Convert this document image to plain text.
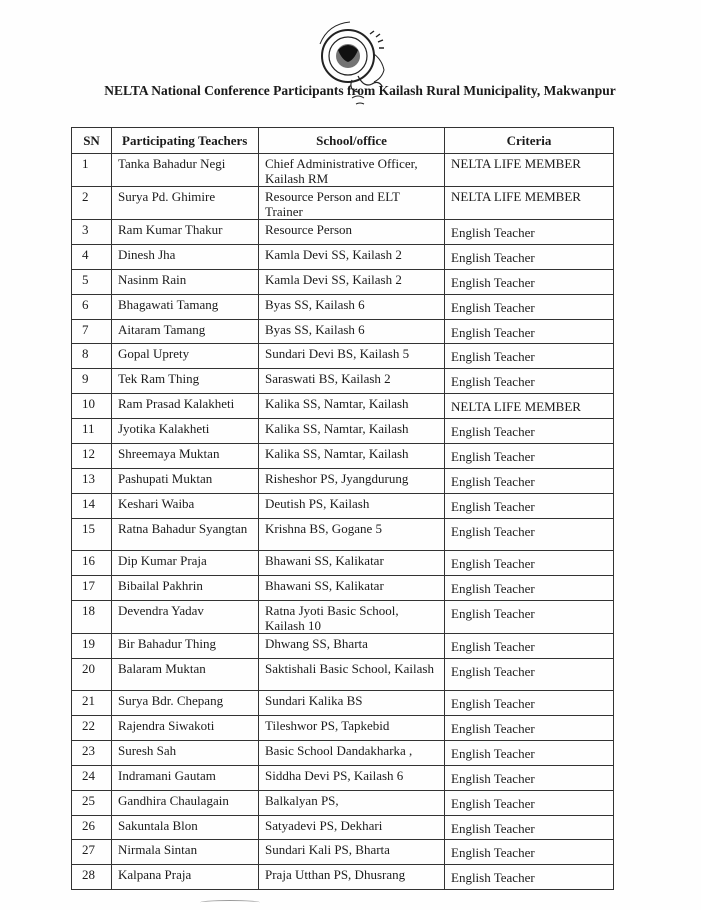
NELTA National Conference Participants from Kailash Rural Municipality, Makwanpur
SN	Participating Teachers	School/office	Criteria
1	Tanka Bahadur Negi	Chief Administrative Officer, Kailash RM	NELTA LIFE MEMBER
2	Surya Pd. Ghimire	Resource Person and ELT Trainer	NELTA LIFE MEMBER
3	Ram Kumar Thakur	Resource Person	English Teacher
4	Dinesh Jha	Kamla Devi SS, Kailash 2	English Teacher
5	Nasinm Rain	Kamla Devi SS, Kailash 2	English Teacher
6	Bhagawati Tamang	Byas SS, Kailash 6	English Teacher
7	Aitaram Tamang	Byas SS, Kailash 6	English Teacher
8	Gopal Uprety	Sundari Devi BS, Kailash 5	English Teacher
9	Tek Ram Thing	Saraswati BS, Kailash 2	English Teacher
10	Ram Prasad Kalakheti	Kalika SS, Namtar, Kailash	NELTA LIFE MEMBER
11	Jyotika Kalakheti	Kalika SS, Namtar, Kailash	English Teacher
12	Shreemaya Muktan	Kalika SS, Namtar, Kailash	English Teacher
13	Pashupati Muktan	Risheshor PS, Jyangdurung	English Teacher
14	Keshari Waiba	Deutish PS, Kailash	English Teacher
15	Ratna Bahadur Syangtan	Krishna BS, Gogane 5	English Teacher
16	Dip Kumar Praja	Bhawani SS, Kalikatar	English Teacher
17	Bibailal Pakhrin	Bhawani SS, Kalikatar	English Teacher
18	Devendra Yadav	Ratna Jyoti Basic School, Kailash 10	English Teacher
19	Bir Bahadur Thing	Dhwang SS, Bharta	English Teacher
20	Balaram Muktan	Saktishali Basic School, Kailash	English Teacher
21	Surya Bdr. Chepang	Sundari Kalika BS	English Teacher
22	Rajendra Siwakoti	Tileshwor PS, Tapkebid	English Teacher
23	Suresh Sah	Basic School Dandakharka ,	English Teacher
24	Indramani Gautam	Siddha Devi PS, Kailash 6	English Teacher
25	Gandhira Chaulagain	Balkalyan PS,	English Teacher
26	Sakuntala Blon	Satyadevi PS, Dekhari	English Teacher
27	Nirmala Sintan	Sundari Kali PS, Bharta	English Teacher
28	Kalpana Praja	Praja Utthan PS, Dhusrang	English Teacher
